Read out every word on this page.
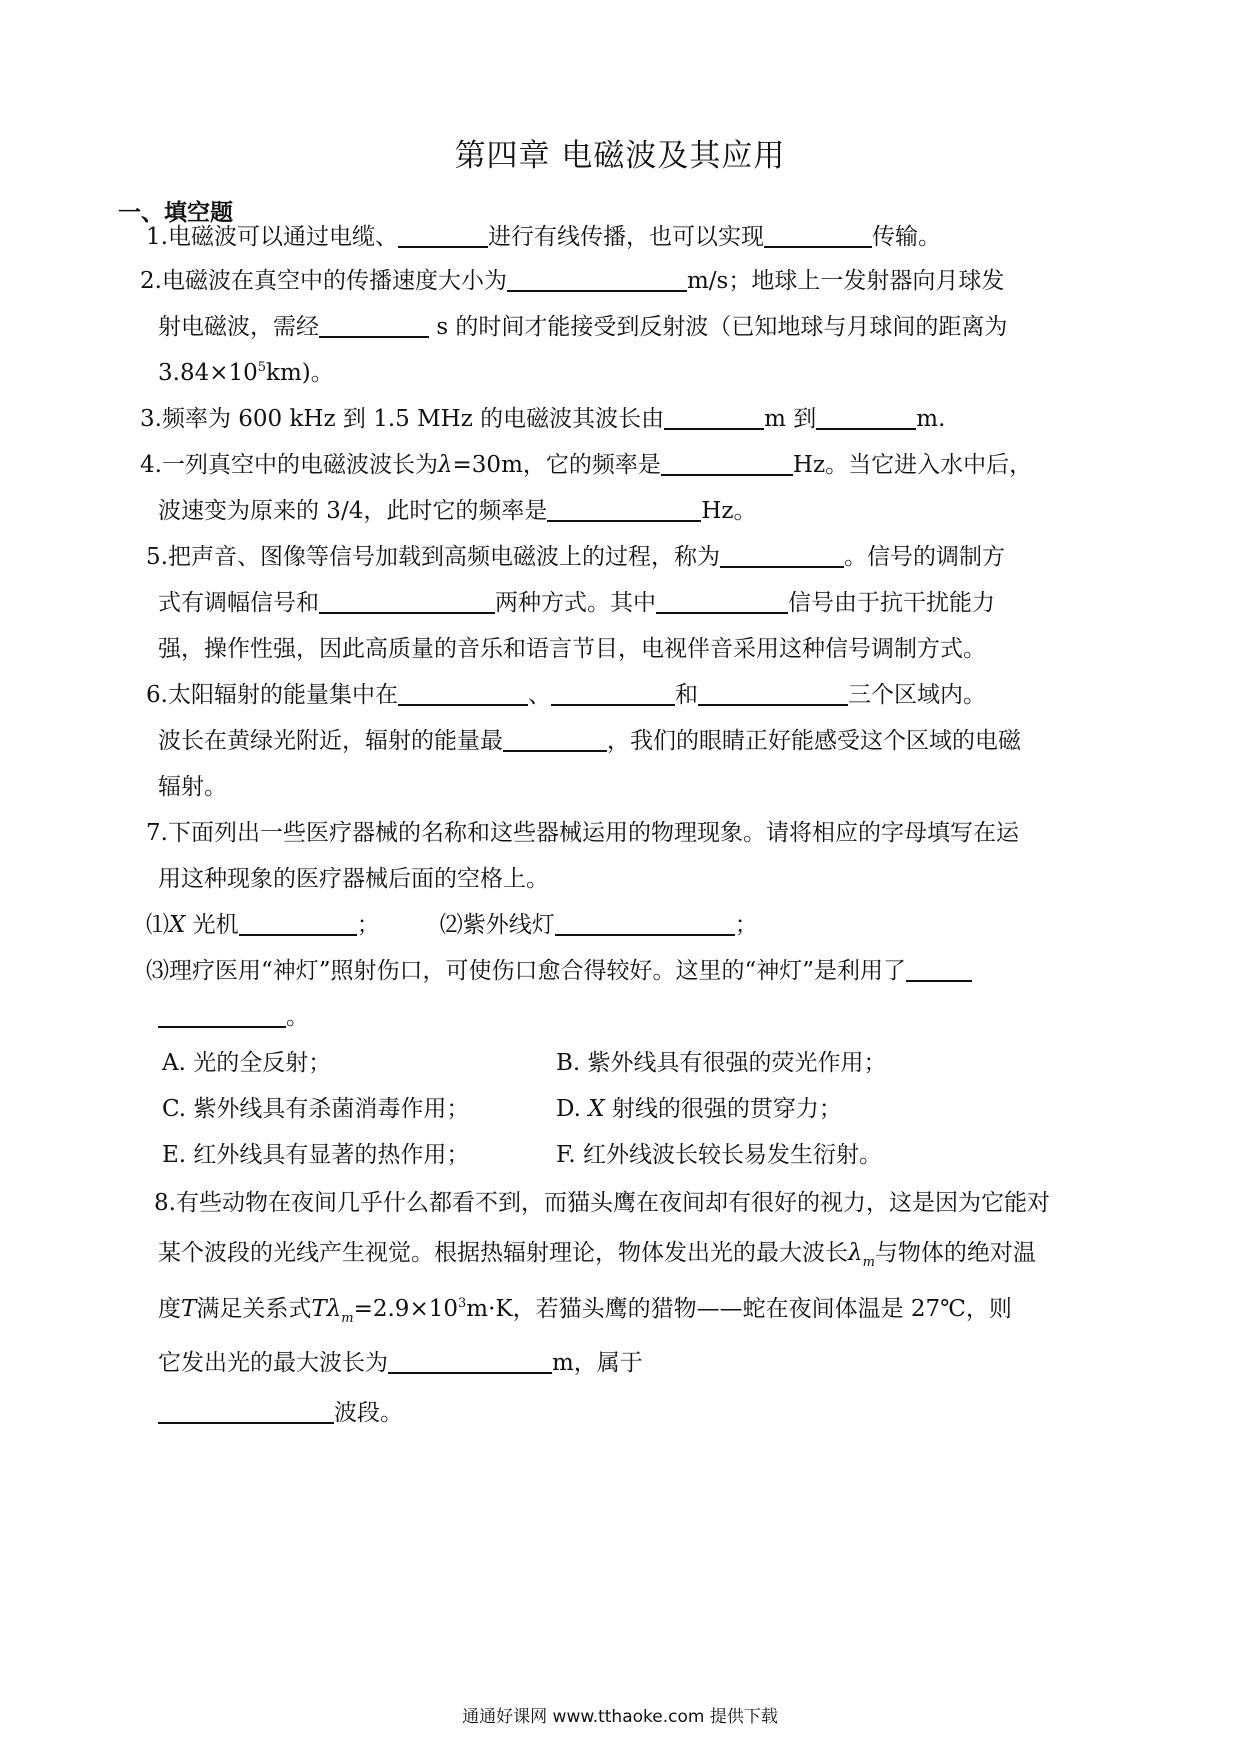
第四章 电磁波及其应用
一、填空题
1.电磁波可以通过电缆、	进行有线传播，也可以实现	传输。
2.电磁波在真空中的传播速度大小为	m/s；地球上一发射器向月球发
射电磁波，需经	s 的时间才能接受到反射波（已知地球与月球间的距离为
$3.84\times 10^5km$)。
3.频率为 600 kHz 到 1.5 MHz 的电磁波其波长由	m 到	m.
4.一列真空中的电磁波波长为λ=30m，它的频率是	Hz。当它进入水中后，
波速变为原来的 3/4，此时它的频率是	Hz。
5.把声音、图像等信号加载到高频电磁波上的过程，称为	。信号的调制方
式有调幅信号和	两种方式。其中	信号由于抗干扰能力
强，操作性强，因此高质量的音乐和语言节目，电视伴音采用这种信号调制方式。
6.太阳辐射的能量集中在	、	和	三个区域内。
波长在黄绿光附近，辐射的能量最	，我们的眼睛正好能感受这个区域的电磁
辐射。
7.下面列出一些医疗器械的名称和这些器械运用的物理现象。请将相应的字母填写在运
用这种现象的医疗器械后面的空格上。
⑴X 光机	；	⑵紫外线灯	；
⑶理疗医用“神灯”照射伤口，可使伤口愈合得较好。这里的“神灯”是利用了
。
A. 光的全反射；	B. 紫外线具有很强的荧光作用；
C. 紫外线具有杀菌消毒作用；	D. X 射线的很强的贯穿力；
E. 红外线具有显著的热作用；	F. 红外线波长较长易发生衍射。
8.有些动物在夜间几乎什么都看不到，而猫头鹰在夜间却有很好的视力，这是因为它能对
某个波段的光线产生视觉。根据热辐射理论，物体发出光的最大波长$\lambda_m$与物体的绝对温
度T满足关系式$T\lambda_m=2.9\times 10^3m\cdot K$，若猫头鹰的猎物——蛇在夜间体温是 27℃，则
它发出光的最大波长为	m，属于
波段。
通通好课网 www.tthaoke.com 提供下载
